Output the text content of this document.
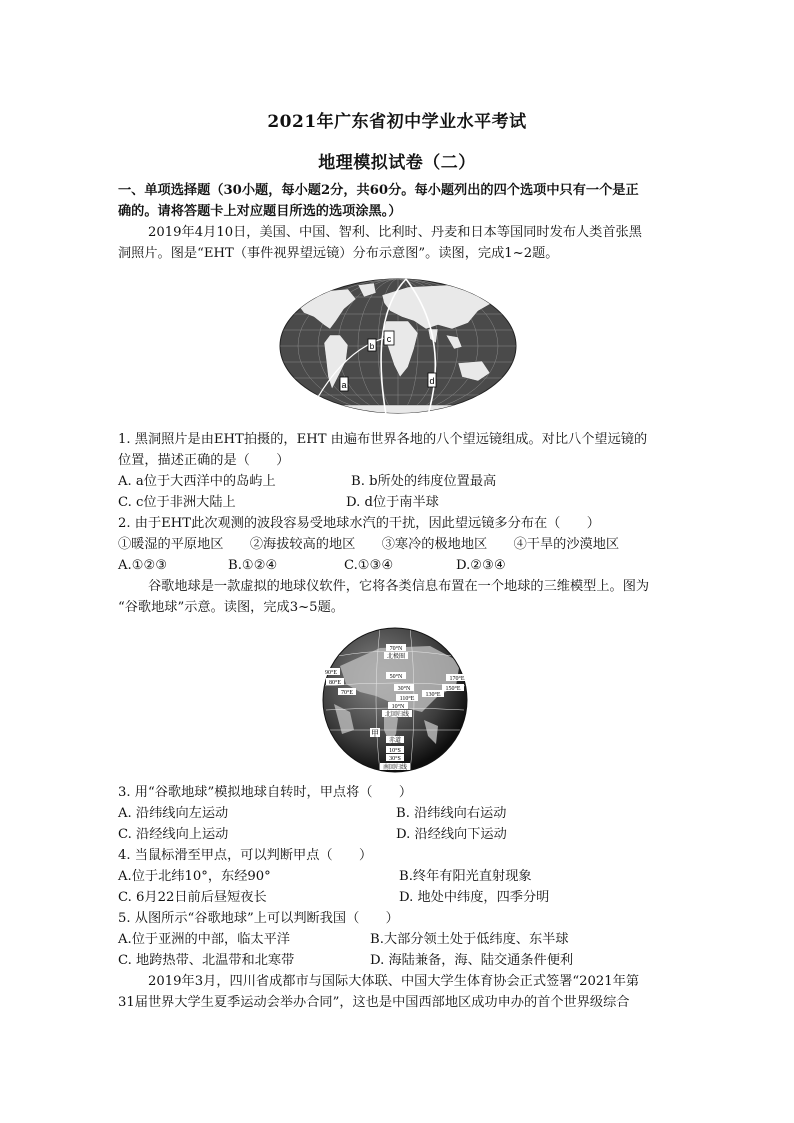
2021年广东省初中学业水平考试
地理模拟试卷（二）
一、单项选择题（30小题，每小题2分，共60分。每小题列出的四个选项中只有一个是正
确的。请将答题卡上对应题目所选的选项涂黑。）
2019年4月10日，美国、中国、智利、比利时、丹麦和日本等国同时发布人类首张黑
洞照片。图是“EHT（事件视界望远镜）分布示意图”。读图，完成1~2题。
b
c
a	d
1. 黑洞照片是由EHT拍摄的，EHT 由遍布世界各地的八个望远镜组成。对比八个望远镜的
位置，描述正确的是（　　）
A. a位于大西洋中的岛屿上	B. b所处的纬度位置最高
C. c位于非洲大陆上	D. d位于南半球
2. 由于EHT此次观测的波段容易受地球水汽的干扰，因此望远镜多分布在（　　）
①暖湿的平原地区　　②海拔较高的地区　　③寒冷的极地地区　　④干旱的沙漠地区
A.①②③	B.①②④	C.①③④	D.②③④
谷歌地球是一款虚拟的地球仪软件，它将各类信息布置在一个地球的三维模型上。图为
“谷歌地球”示意。读图，完成3~5题。
70°N
北极圈
50°N
30°N
90°E
80°E
70°E
110°E
130°E
150°E
170°E
10°N
北回归线
甲
赤道
10°S
30°S
南回归线
3. 用“谷歌地球”模拟地球自转时，甲点将（　　）
A. 沿纬线向左运动	B. 沿纬线向右运动
C. 沿经线向上运动	D. 沿经线向下运动
4. 当鼠标滑至甲点，可以判断甲点（　　）
A.位于北纬10°，东经90°	B.终年有阳光直射现象
C. 6月22日前后昼短夜长	D. 地处中纬度，四季分明
5. 从图所示“谷歌地球”上可以判断我国（　　）
A.位于亚洲的中部，临太平洋	B.大部分领土处于低纬度、东半球
C. 地跨热带、北温带和北寒带	D. 海陆兼备，海、陆交通条件便利
2019年3月，四川省成都市与国际大体联、中国大学生体育协会正式签署“2021年第
31届世界大学生夏季运动会举办合同”，这也是中国西部地区成功申办的首个世界级综合
